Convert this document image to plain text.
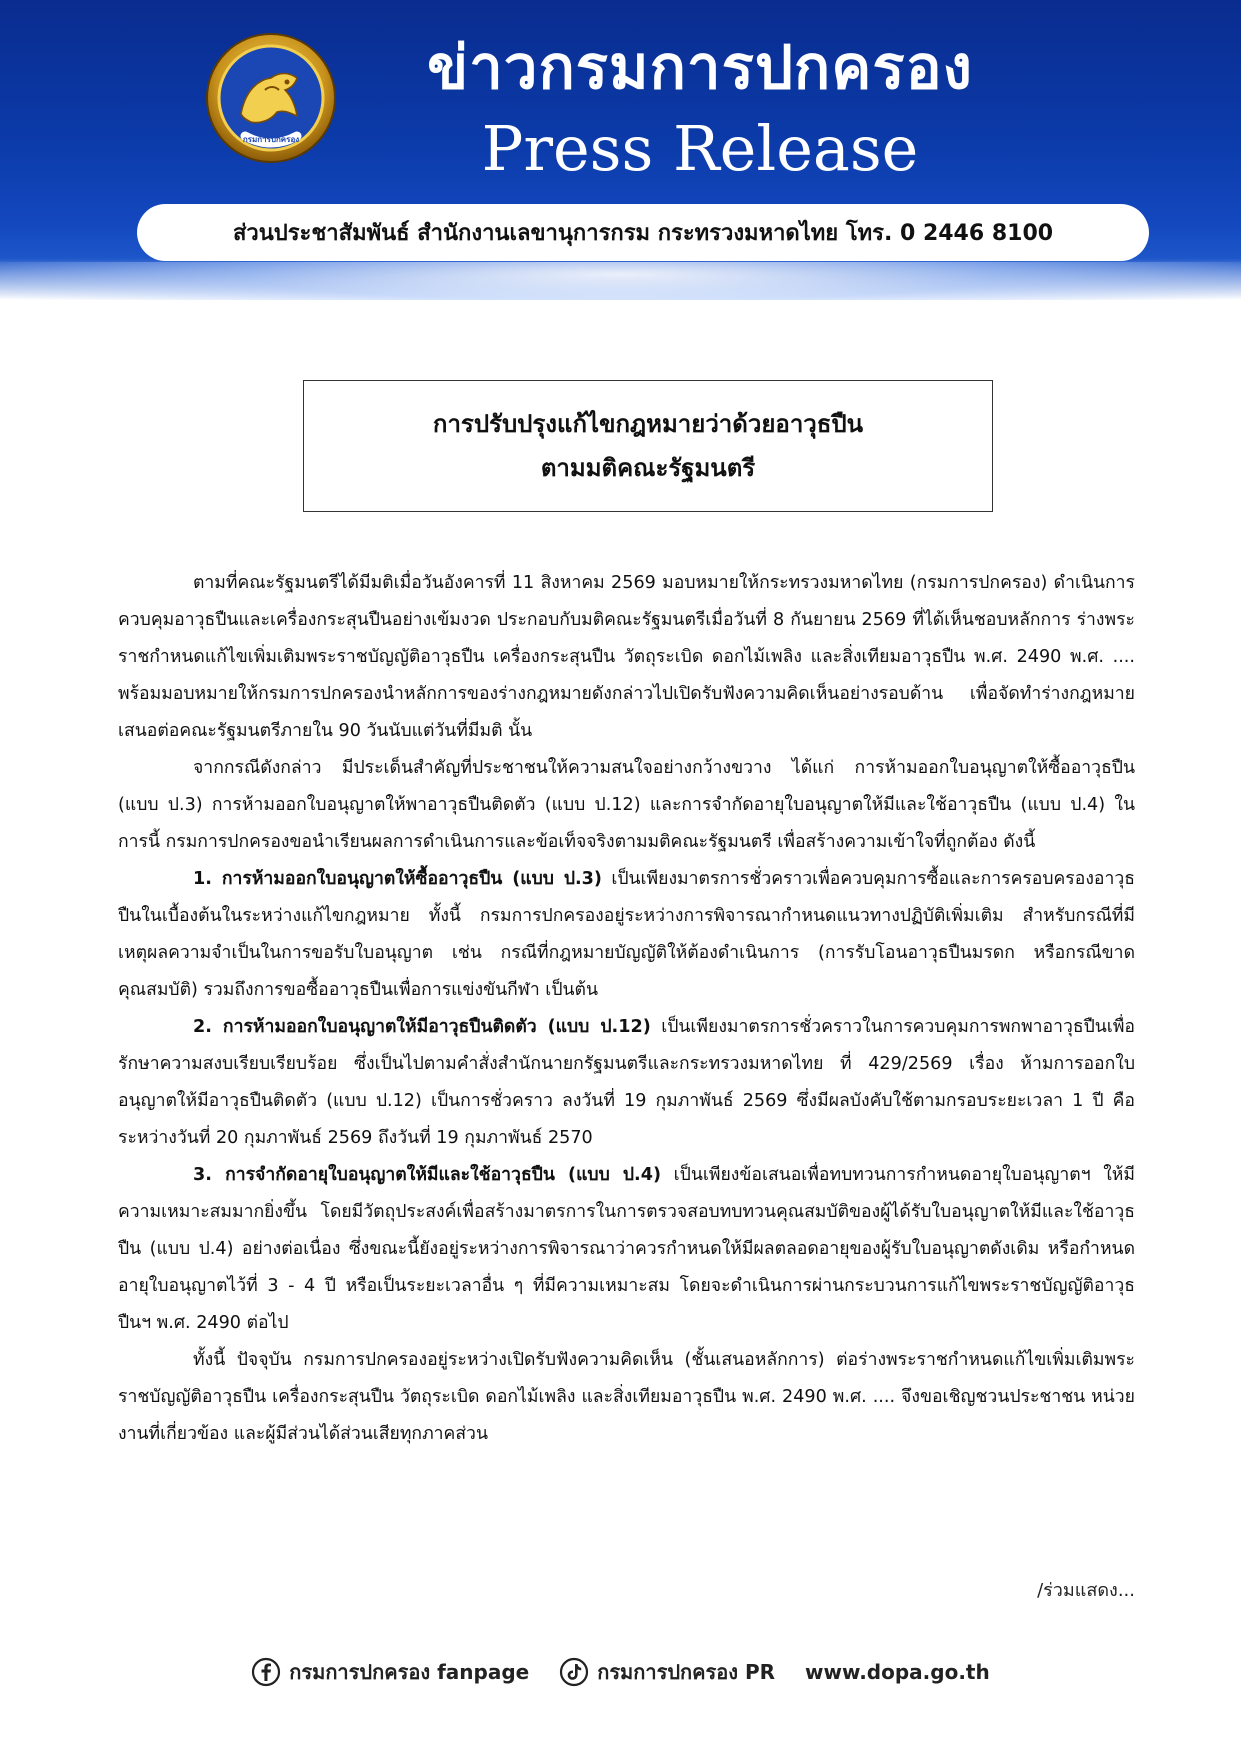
กรมการปกครอง
ข่าวกรมการปกครอง
Press Release
ส่วนประชาสัมพันธ์ สำนักงานเลขานุการกรม กระทรวงมหาดไทย โทร. 0 2446 8100
การปรับปรุงแก้ไขกฎหมายว่าด้วยอาวุธปืน
ตามมติคณะรัฐมนตรี

ตามที่คณะรัฐมนตรีได้มีมติเมื่อวันอังคารที่ 11 สิงหาคม 2569 มอบหมายให้กระทรวงมหาดไทย (กรมการปกครอง) ดำเนินการควบคุมอาวุธปืนและเครื่องกระสุนปืนอย่างเข้มงวด ประกอบกับมติคณะรัฐมนตรีเมื่อวันที่ 8 กันยายน 2569 ที่ได้เห็นชอบหลักการ ร่างพระราชกำหนดแก้ไขเพิ่มเติมพระราชบัญญัติอาวุธปืน เครื่องกระสุนปืน วัตถุระเบิด ดอกไม้เพลิง และสิ่งเทียมอาวุธปืน พ.ศ. 2490 พ.ศ. .... พร้อมมอบหมายให้กรมการปกครองนำหลักการของร่างกฎหมายดังกล่าวไปเปิดรับฟังความคิดเห็นอย่างรอบด้าน เพื่อจัดทำร่างกฎหมายเสนอต่อคณะรัฐมนตรีภายใน 90 วันนับแต่วันที่มีมติ นั้น

จากกรณีดังกล่าว มีประเด็นสำคัญที่ประชาชนให้ความสนใจอย่างกว้างขวาง ได้แก่ การห้ามออกใบอนุญาตให้ซื้ออาวุธปืน (แบบ ป.3) การห้ามออกใบอนุญาตให้พาอาวุธปืนติดตัว (แบบ ป.12) และการจำกัดอายุใบอนุญาตให้มีและใช้อาวุธปืน (แบบ ป.4) ในการนี้ กรมการปกครองขอนำเรียนผลการดำเนินการและข้อเท็จจริงตามมติคณะรัฐมนตรี เพื่อสร้างความเข้าใจที่ถูกต้อง ดังนี้

1. การห้ามออกใบอนุญาตให้ซื้ออาวุธปืน (แบบ ป.3) เป็นเพียงมาตรการชั่วคราวเพื่อควบคุมการซื้อและการครอบครองอาวุธปืนในเบื้องต้นในระหว่างแก้ไขกฎหมาย ทั้งนี้ กรมการปกครองอยู่ระหว่างการพิจารณากำหนดแนวทางปฏิบัติเพิ่มเติม สำหรับกรณีที่มีเหตุผลความจำเป็นในการขอรับใบอนุญาต เช่น กรณีที่กฎหมายบัญญัติให้ต้องดำเนินการ (การรับโอนอาวุธปืนมรดก หรือกรณีขาดคุณสมบัติ) รวมถึงการขอซื้ออาวุธปืนเพื่อการแข่งขันกีฬา เป็นต้น

2. การห้ามออกใบอนุญาตให้มีอาวุธปืนติดตัว (แบบ ป.12) เป็นเพียงมาตรการชั่วคราวในการควบคุมการพกพาอาวุธปืนเพื่อรักษาความสงบเรียบเรียบร้อย ซึ่งเป็นไปตามคำสั่งสำนักนายกรัฐมนตรีและกระทรวงมหาดไทย ที่ 429/2569 เรื่อง ห้ามการออกใบอนุญาตให้มีอาวุธปืนติดตัว (แบบ ป.12) เป็นการชั่วคราว ลงวันที่ 19 กุมภาพันธ์ 2569 ซึ่งมีผลบังคับใช้ตามกรอบระยะเวลา 1 ปี คือระหว่างวันที่ 20 กุมภาพันธ์ 2569 ถึงวันที่ 19 กุมภาพันธ์ 2570

3. การจำกัดอายุใบอนุญาตให้มีและใช้อาวุธปืน (แบบ ป.4) เป็นเพียงข้อเสนอเพื่อทบทวนการกำหนดอายุใบอนุญาตฯ ให้มีความเหมาะสมมากยิ่งขึ้น โดยมีวัตถุประสงค์เพื่อสร้างมาตรการในการตรวจสอบทบทวนคุณสมบัติของผู้ได้รับใบอนุญาตให้มีและใช้อาวุธปืน (แบบ ป.4) อย่างต่อเนื่อง ซึ่งขณะนี้ยังอยู่ระหว่างการพิจารณาว่าควรกำหนดให้มีผลตลอดอายุของผู้รับใบอนุญาตดังเดิม หรือกำหนดอายุใบอนุญาตไว้ที่ 3 - 4 ปี หรือเป็นระยะเวลาอื่น ๆ ที่มีความเหมาะสม โดยจะดำเนินการผ่านกระบวนการแก้ไขพระราชบัญญัติอาวุธปืนฯ พ.ศ. 2490 ต่อไป

ทั้งนี้ ปัจจุบัน กรมการปกครองอยู่ระหว่างเปิดรับฟังความคิดเห็น (ชั้นเสนอหลักการ) ต่อร่างพระราชกำหนดแก้ไขเพิ่มเติมพระราชบัญญัติอาวุธปืน เครื่องกระสุนปืน วัตถุระเบิด ดอกไม้เพลิง และสิ่งเทียมอาวุธปืน พ.ศ. 2490 พ.ศ. .... จึงขอเชิญชวนประชาชน หน่วยงานที่เกี่ยวข้อง และผู้มีส่วนได้ส่วนเสียทุกภาคส่วน

/ร่วมแสดง...
กรมการปกครอง fanpage	กรมการปกครอง PR www.dopa.go.th
